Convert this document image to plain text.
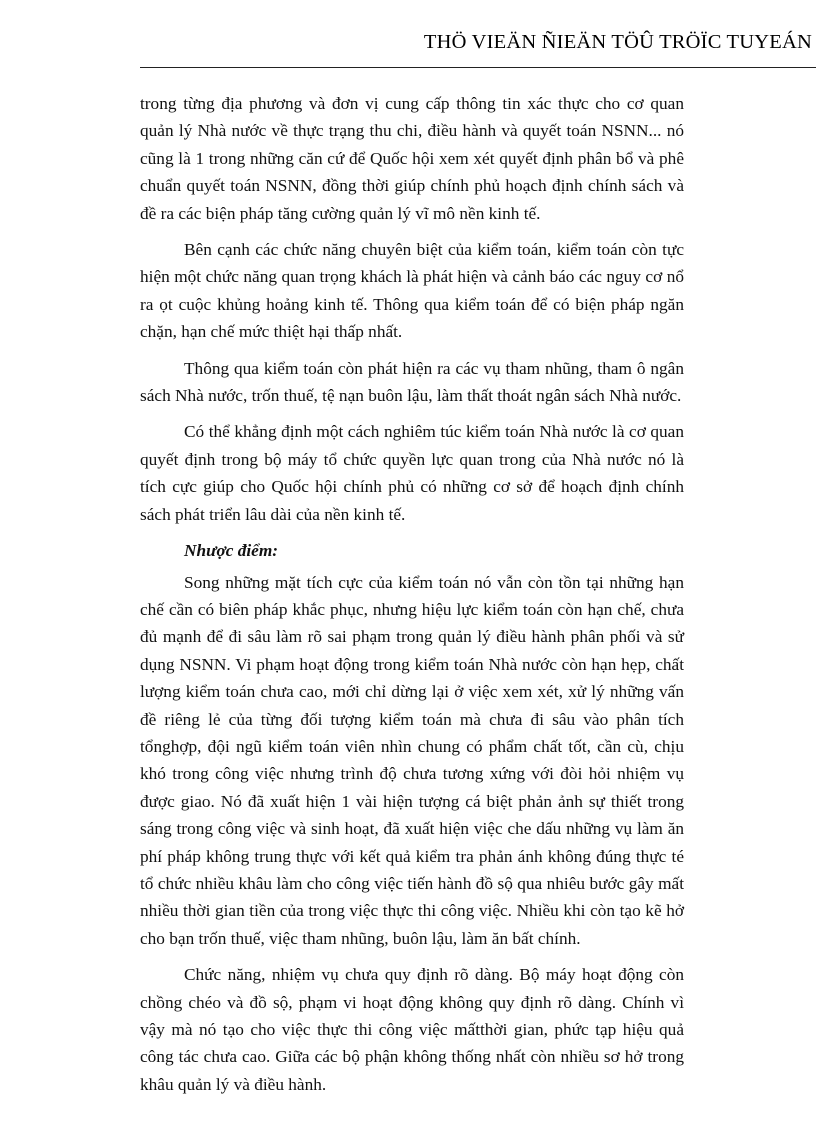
THÖ VIEÄN ÑIEÄN TÖÛ TRÖÏC TUYEÁN

trong từng địa phương và đơn vị cung cấp thông tin xác thực cho cơ quan quản lý Nhà nước về thực trạng thu chi, điều hành và quyết toán NSNN... nó cũng là 1 trong những căn cứ để Quốc hội xem xét quyết định phân bổ và phê chuẩn quyết toán NSNN, đồng thời giúp chính phủ hoạch định chính sách và đề ra các biện pháp tăng cường quản lý vĩ mô nền kinh tế.

Bên cạnh các chức năng chuyên biệt của kiểm toán, kiểm toán còn tực hiện một chức năng quan trọng khách là phát hiện và cảnh báo các nguy cơ nổ ra ọt cuộc khủng hoảng kinh tế. Thông qua kiểm toán để có biện pháp ngăn chặn, hạn chế mức thiệt hại thấp nhất.

Thông qua kiểm toán còn phát hiện ra các vụ tham nhũng, tham ô ngân sách Nhà nước, trốn thuế, tệ nạn buôn lậu, làm thất thoát ngân sách Nhà nước.

Có thể khẳng định một cách nghiêm túc kiểm toán Nhà nước là cơ quan quyết định trong bộ máy tổ chức quyền lực quan trong của Nhà nước nó là tích cực giúp cho Quốc hội chính phủ có những cơ sở để hoạch định chính sách phát triển lâu dài của nền kinh tế.

Nhược điểm:

Song những mặt tích cực của kiểm toán nó vẫn còn tồn tại những hạn chế cần có biên pháp khắc phục, nhưng hiệu lực kiểm toán còn hạn chế, chưa đủ mạnh để đi sâu làm rõ sai phạm trong quản lý điều hành phân phối và sử dụng NSNN. Vi phạm hoạt động trong kiểm toán Nhà nước còn hạn hẹp, chất lượng kiểm toán chưa cao, mới chỉ dừng lại ở việc xem xét, xử lý những vấn đề riêng lẻ của từng đối tượng kiểm toán mà chưa đi sâu vào phân tích tổnghợp, đội ngũ kiểm toán viên nhìn chung có phẩm chất tốt, cần cù, chịu khó trong công việc nhưng trình độ chưa tương xứng với đòi hỏi nhiệm vụ được giao. Nó đã xuất hiện 1 vài hiện tượng cá biệt phản ảnh sự thiết trong sáng trong công việc và sinh hoạt, đã xuất hiện việc che dấu những vụ làm ăn phí pháp không trung thực với kết quả kiểm tra phản ánh không đúng thực té tổ chức nhiều khâu làm cho công việc tiến hành đồ sộ qua nhiêu bước gây mất nhiều thời gian tiền của trong việc thực thi công việc. Nhiều khi còn tạo kẽ hở cho bạn trốn thuế, việc tham nhũng, buôn lậu, làm ăn bất chính.

Chức năng, nhiệm vụ chưa quy định rõ dàng. Bộ máy hoạt động còn chồng chéo và đồ sộ, phạm vi hoạt động không quy định rõ dàng. Chính vì vậy mà nó tạo cho việc thực thi công việc mấtthời gian, phức tạp hiệu quả công tác chưa cao. Giữa các bộ phận không thống nhất còn nhiều sơ hở trong khâu quản lý và điều hành.
